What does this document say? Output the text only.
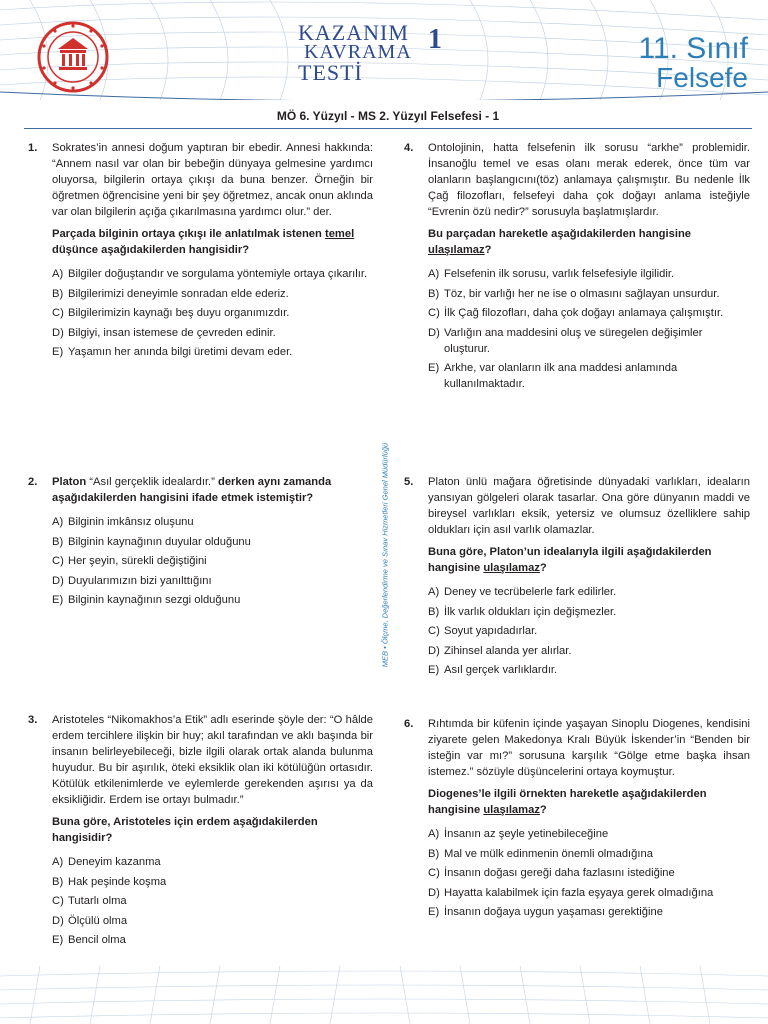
KAZANIM
KAVRAMA
TESTİ
1	11. Sınıf
Felsefe
MÖ 6. Yüzyıl - MS 2. Yüzyıl Felsefesi - 1
MEB • Ölçme, Değerlendirme ve Sınav Hizmetleri Genel Müdürlüğü
1. Sokrates’in annesi doğum yaptıran bir ebedir. Annesi hakkında: “Annem nasıl var olan bir bebeğin dünyaya gelmesine yardımcı oluyorsa, bilgilerin ortaya çıkışı da buna benzer. Örneğin bir öğretmen öğrencisine yeni bir şey öğretmez, ancak onun aklında var olan bilgilerin açığa çıkarılmasına yardımcı olur.” der.
Parçada bilginin ortaya çıkışı ile anlatılmak istenen temel düşünce aşağıdakilerden hangisidir?
A) Bilgiler doğuştandır ve sorgulama yöntemiyle ortaya çıkarılır.
B) Bilgilerimizi deneyimle sonradan elde ederiz.
C) Bilgilerimizin kaynağı beş duyu organımızdır.
D) Bilgiyi, insan istemese de çevreden edinir.
E) Yaşamın her anında bilgi üretimi devam eder.
2. Platon “Asıl gerçeklik idealardır.” derken aynı zamanda aşağıdakilerden hangisini ifade etmek istemiştir?
A) Bilginin imkânsız oluşunu
B) Bilginin kaynağının duyular olduğunu
C) Her şeyin, sürekli değiştiğini
D) Duyularımızın bizi yanılttığını
E) Bilginin kaynağının sezgi olduğunu
3. Aristoteles “Nikomakhos’a Etik” adlı eserinde şöyle der: “O hâlde erdem tercihlere ilişkin bir huy; akıl tarafından ve aklı başında bir insanın belirleyebileceği, bizle ilgili olarak ortak alanda bulunma huyudur. Bu bir aşırılık, öteki eksiklik olan iki kötülüğün ortasıdır. Kötülük etkilenimlerde ve eylemlerde gerekenden aşırısı ya da eksikliğidir. Erdem ise ortayı bulmadır.”
Buna göre, Aristoteles için erdem aşağıdakilerden hangisidir?
A) Deneyim kazanma
B) Hak peşinde koşma
C) Tutarlı olma
D) Ölçülü olma
E) Bencil olma
4. Ontolojinin, hatta felsefenin ilk sorusu “arkhe” problemidir. İnsanoğlu temel ve esas olanı merak ederek, önce tüm var olanların başlangıcını(töz) anlamaya çalışmıştır. Bu nedenle İlk Çağ filozofları, felsefeyi daha çok doğayı anlama isteğiyle “Evrenin özü nedir?” sorusuyla başlatmışlardır.
Bu parçadan hareketle aşağıdakilerden hangisine ulaşılamaz?
A) Felsefenin ilk sorusu, varlık felsefesiyle ilgilidir.
B) Töz, bir varlığı her ne ise o olmasını sağlayan unsurdur.
C) İlk Çağ filozofları, daha çok doğayı anlamaya çalışmıştır.
D) Varlığın ana maddesini oluş ve süregelen değişimler oluşturur.
E) Arkhe, var olanların ilk ana maddesi anlamında kullanılmaktadır.
5. Platon ünlü mağara öğretisinde dünyadaki varlıkları, ideaların yansıyan gölgeleri olarak tasarlar. Ona göre dünyanın maddi ve bireysel varlıkları eksik, yetersiz ve olumsuz özelliklere sahip oldukları için asıl varlık olamazlar.
Buna göre, Platon’un idealarıyla ilgili aşağıdakilerden hangisine ulaşılamaz?
A) Deney ve tecrübelerle fark edilirler.
B) İlk varlık oldukları için değişmezler.
C) Soyut yapıdadırlar.
D) Zihinsel alanda yer alırlar.
E) Asıl gerçek varlıklardır.
6. Rıhtımda bir küfenin içinde yaşayan Sinoplu Diogenes, kendisini ziyarete gelen Makedonya Kralı Büyük İskender’in “Benden bir isteğin var mı?” sorusuna karşılık “Gölge etme başka ihsan istemez.” sözüyle düşüncelerini ortaya koymuştur.
Diogenes’le ilgili örnekten hareketle aşağıdakilerden hangisine ulaşılamaz?
A) İnsanın az şeyle yetinebileceğine
B) Mal ve mülk edinmenin önemli olmadığına
C) İnsanın doğası gereği daha fazlasını istediğine
D) Hayatta kalabilmek için fazla eşyaya gerek olmadığına
E) İnsanın doğaya uygun yaşaması gerektiğine
